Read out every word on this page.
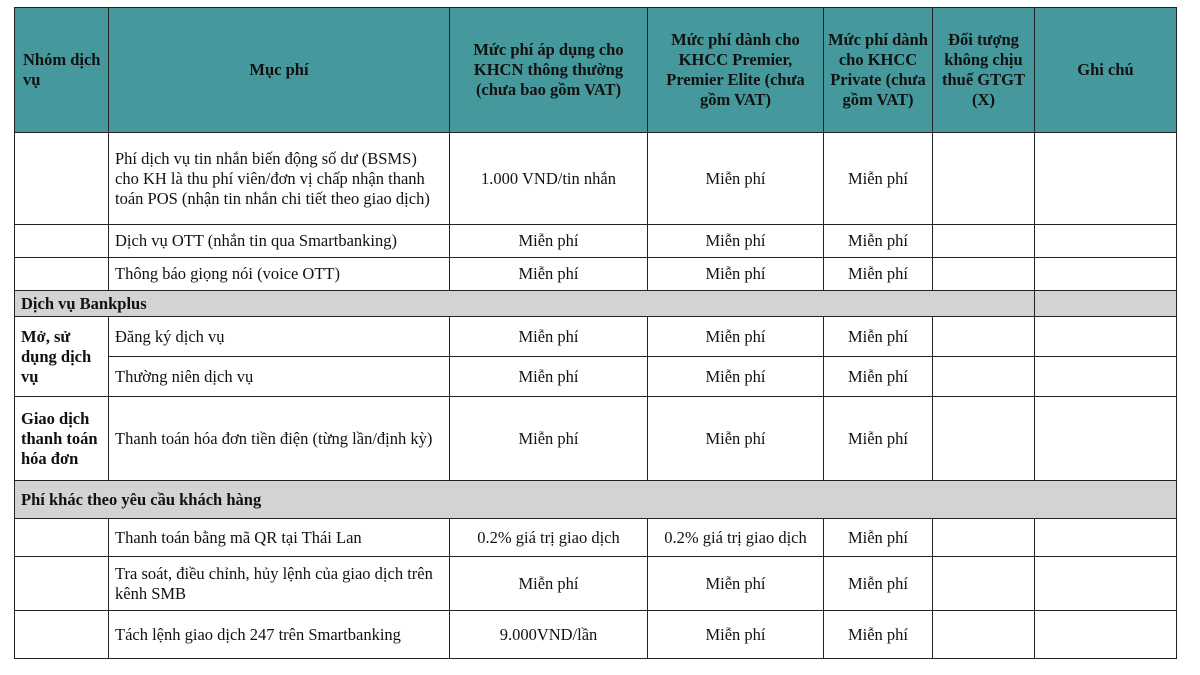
Nhóm dịch vụ	Mục phí	Mức phí áp dụng cho KHCN thông thường (chưa bao gồm VAT)	Mức phí dành cho KHCC Premier, Premier Elite (chưa gồm VAT)	Mức phí dành cho KHCC Private (chưa gồm VAT)	Đối tượng không chịu thuế GTGT (X)	Ghi chú
	Phí dịch vụ tin nhắn biến động số dư (BSMS) cho KH là thu phí viên/đơn vị chấp nhận thanh toán POS (nhận tin nhắn chi tiết theo giao dịch)	1.000 VND/tin nhắn	Miễn phí	Miễn phí		
	Dịch vụ OTT (nhắn tin qua Smartbanking)	Miễn phí	Miễn phí	Miễn phí		
	Thông báo giọng nói (voice OTT)	Miễn phí	Miễn phí	Miễn phí		
Dịch vụ Bankplus						
Mở, sử dụng dịch vụ	Đăng ký dịch vụ	Miễn phí	Miễn phí	Miễn phí		
	Thường niên dịch vụ	Miễn phí	Miễn phí	Miễn phí		
Giao dịch thanh toán hóa đơn	Thanh toán hóa đơn tiền điện (từng lần/định kỳ)	Miễn phí	Miễn phí	Miễn phí		
Phí khác theo yêu cầu khách hàng						
	Thanh toán bằng mã QR tại Thái Lan	0.2% giá trị giao dịch	0.2% giá trị giao dịch	Miễn phí		
	Tra soát, điều chỉnh, hủy lệnh của giao dịch trên kênh SMB	Miễn phí	Miễn phí	Miễn phí		
	Tách lệnh giao dịch 247 trên Smartbanking	9.000VND/lần	Miễn phí	Miễn phí		
